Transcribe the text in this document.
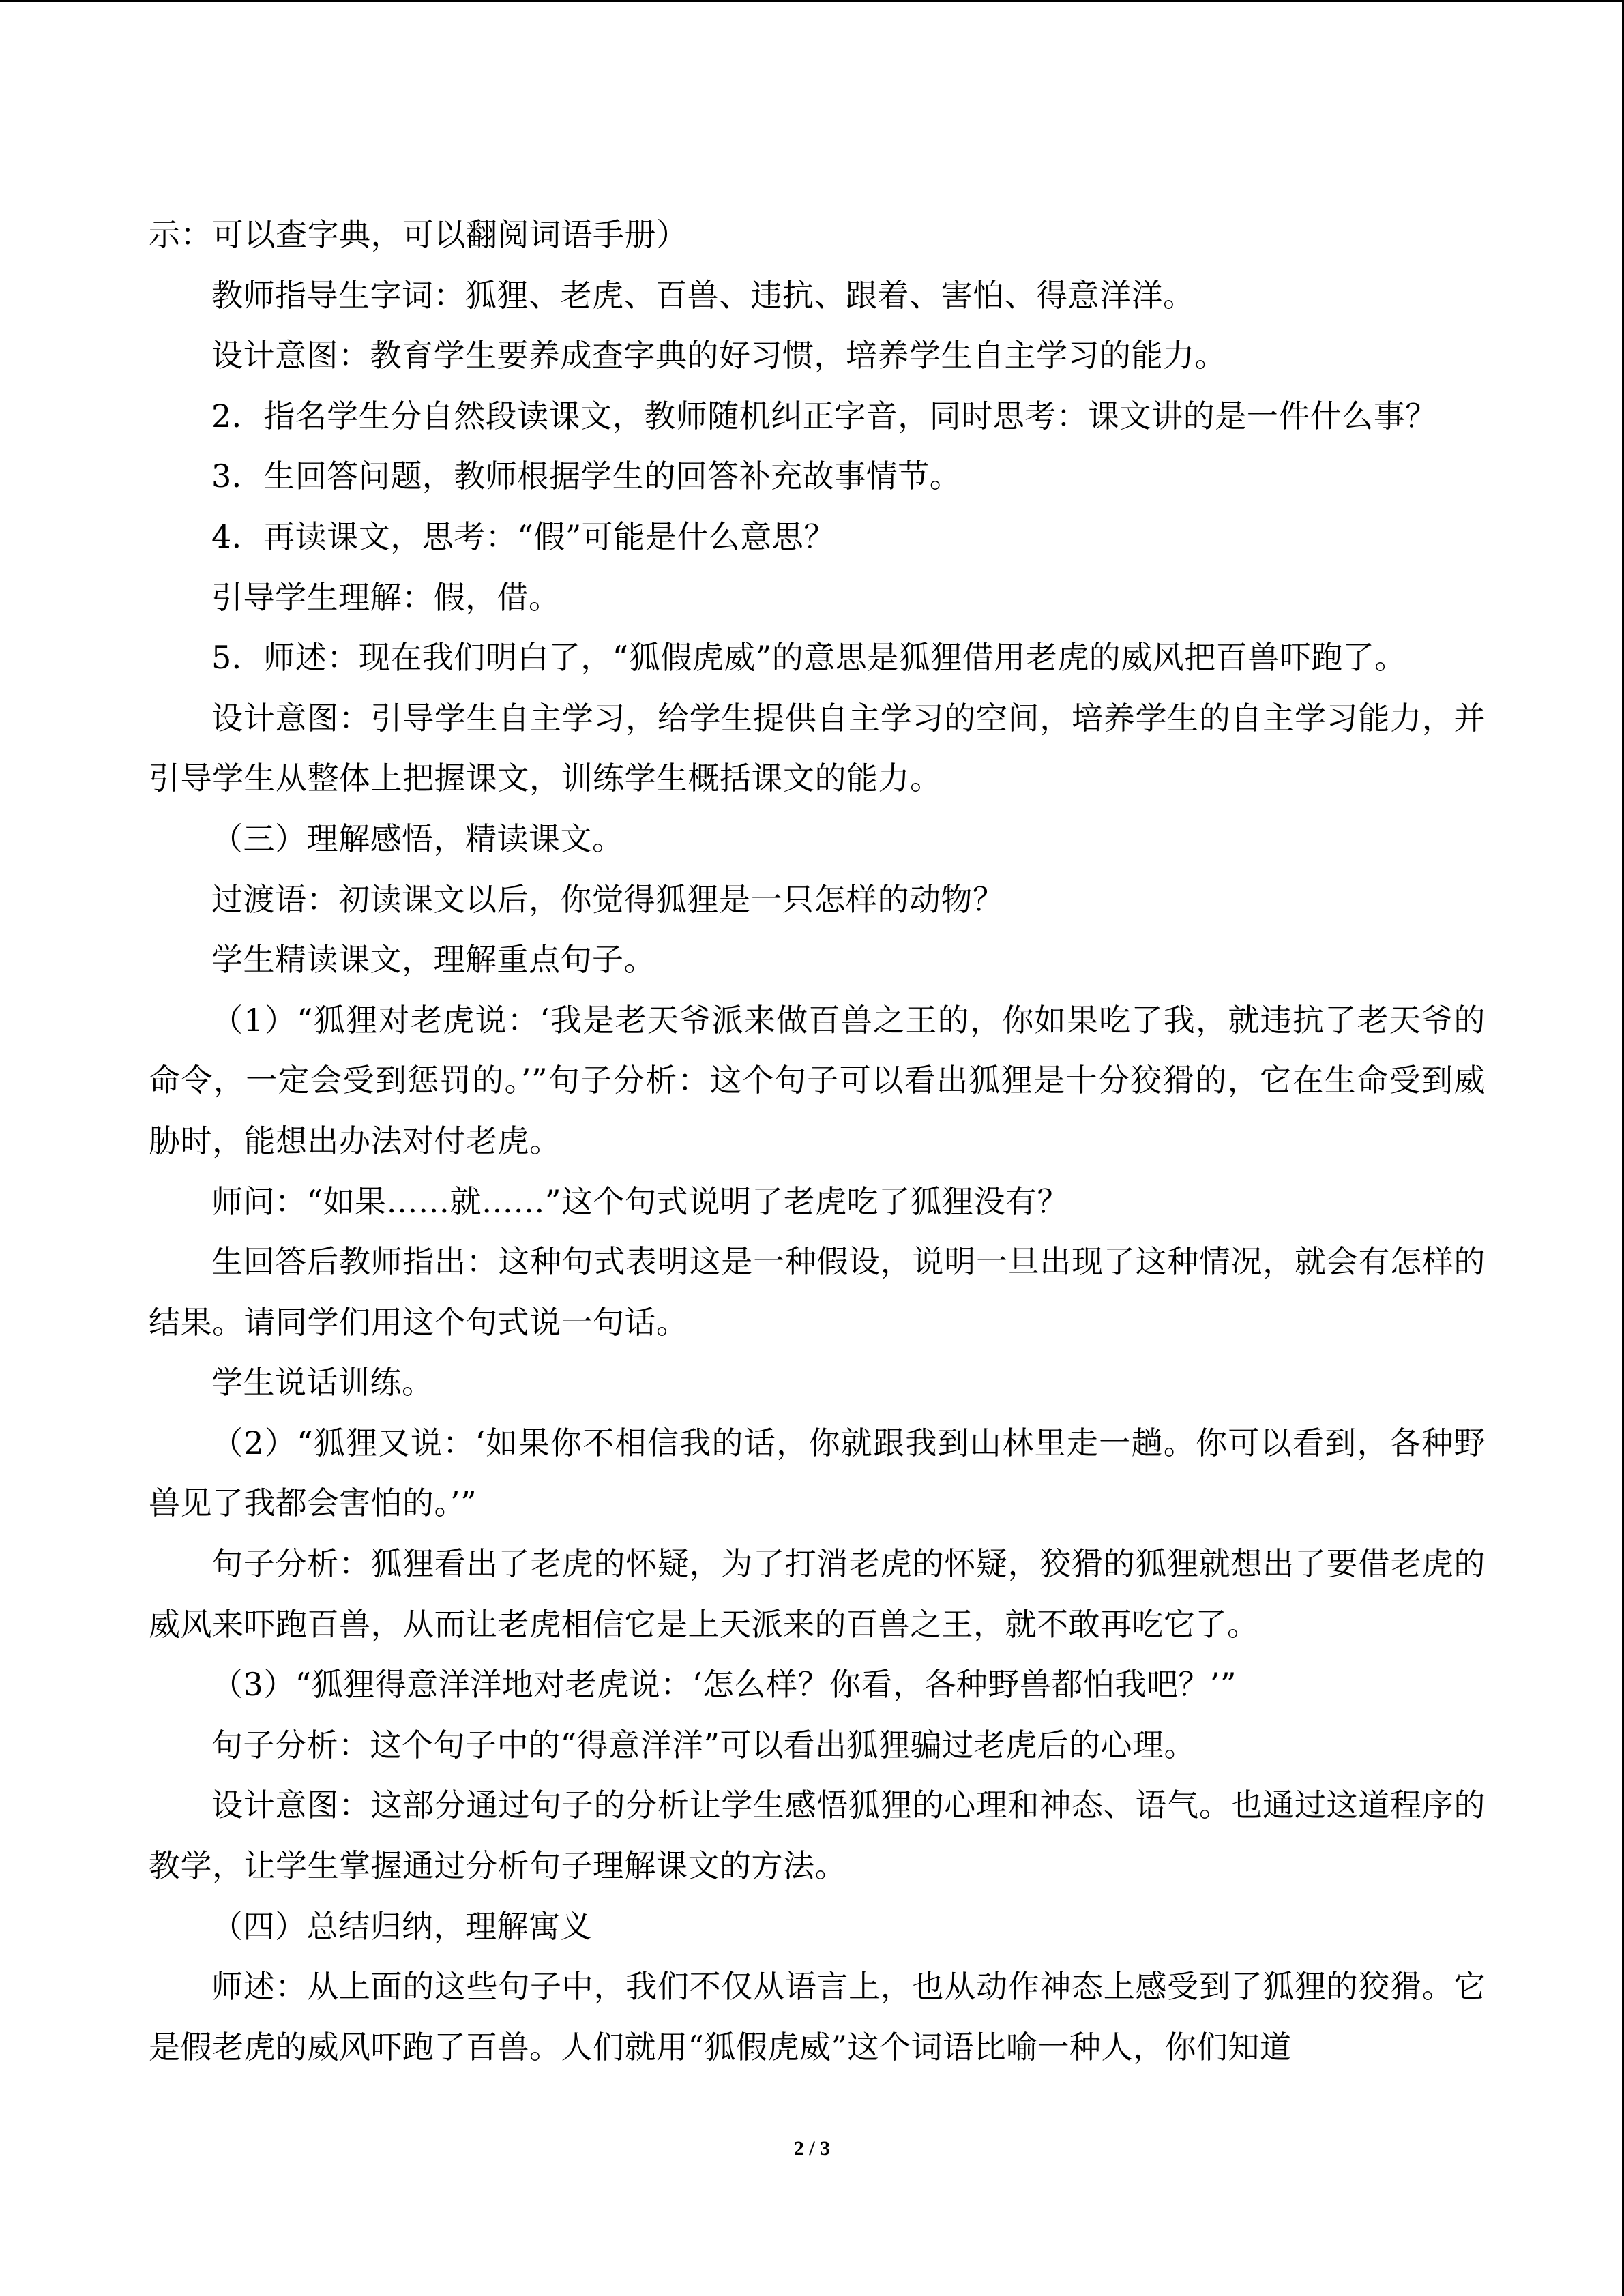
示：可以查字典，可以翻阅词语手册）

教师指导生字词：狐狸、老虎、百兽、违抗、跟着、害怕、得意洋洋。

设计意图：教育学生要养成查字典的好习惯，培养学生自主学习的能力。

2．指名学生分自然段读课文，教师随机纠正字音，同时思考：课文讲的是一件什么事？

3．生回答问题，教师根据学生的回答补充故事情节。

4．再读课文，思考：“假”可能是什么意思？

引导学生理解：假，借。

5．师述：现在我们明白了，“狐假虎威”的意思是狐狸借用老虎的威风把百兽吓跑了。

设计意图：引导学生自主学习，给学生提供自主学习的空间，培养学生的自主学习能力，并引导学生从整体上把握课文，训练学生概括课文的能力。

（三）理解感悟，精读课文。

过渡语：初读课文以后，你觉得狐狸是一只怎样的动物？

学生精读课文，理解重点句子。

（1）“狐狸对老虎说：‘我是老天爷派来做百兽之王的，你如果吃了我，就违抗了老天爷的命令，一定会受到惩罚的。’”句子分析：这个句子可以看出狐狸是十分狡猾的，它在生命受到威胁时，能想出办法对付老虎。

师问：“如果……就……”这个句式说明了老虎吃了狐狸没有？

生回答后教师指出：这种句式表明这是一种假设，说明一旦出现了这种情况，就会有怎样的结果。请同学们用这个句式说一句话。

学生说话训练。

（2）“狐狸又说：‘如果你不相信我的话，你就跟我到山林里走一趟。你可以看到，各种野兽见了我都会害怕的。’”

句子分析：狐狸看出了老虎的怀疑，为了打消老虎的怀疑，狡猾的狐狸就想出了要借老虎的威风来吓跑百兽，从而让老虎相信它是上天派来的百兽之王，就不敢再吃它了。

（3）“狐狸得意洋洋地对老虎说：‘怎么样？你看，各种野兽都怕我吧？’”

句子分析：这个句子中的“得意洋洋”可以看出狐狸骗过老虎后的心理。

设计意图：这部分通过句子的分析让学生感悟狐狸的心理和神态、语气。也通过这道程序的教学，让学生掌握通过分析句子理解课文的方法。

（四）总结归纳，理解寓义

师述：从上面的这些句子中，我们不仅从语言上，也从动作神态上感受到了狐狸的狡猾。它是假老虎的威风吓跑了百兽。人们就用“狐假虎威”这个词语比喻一种人，你们知道

2 / 3
